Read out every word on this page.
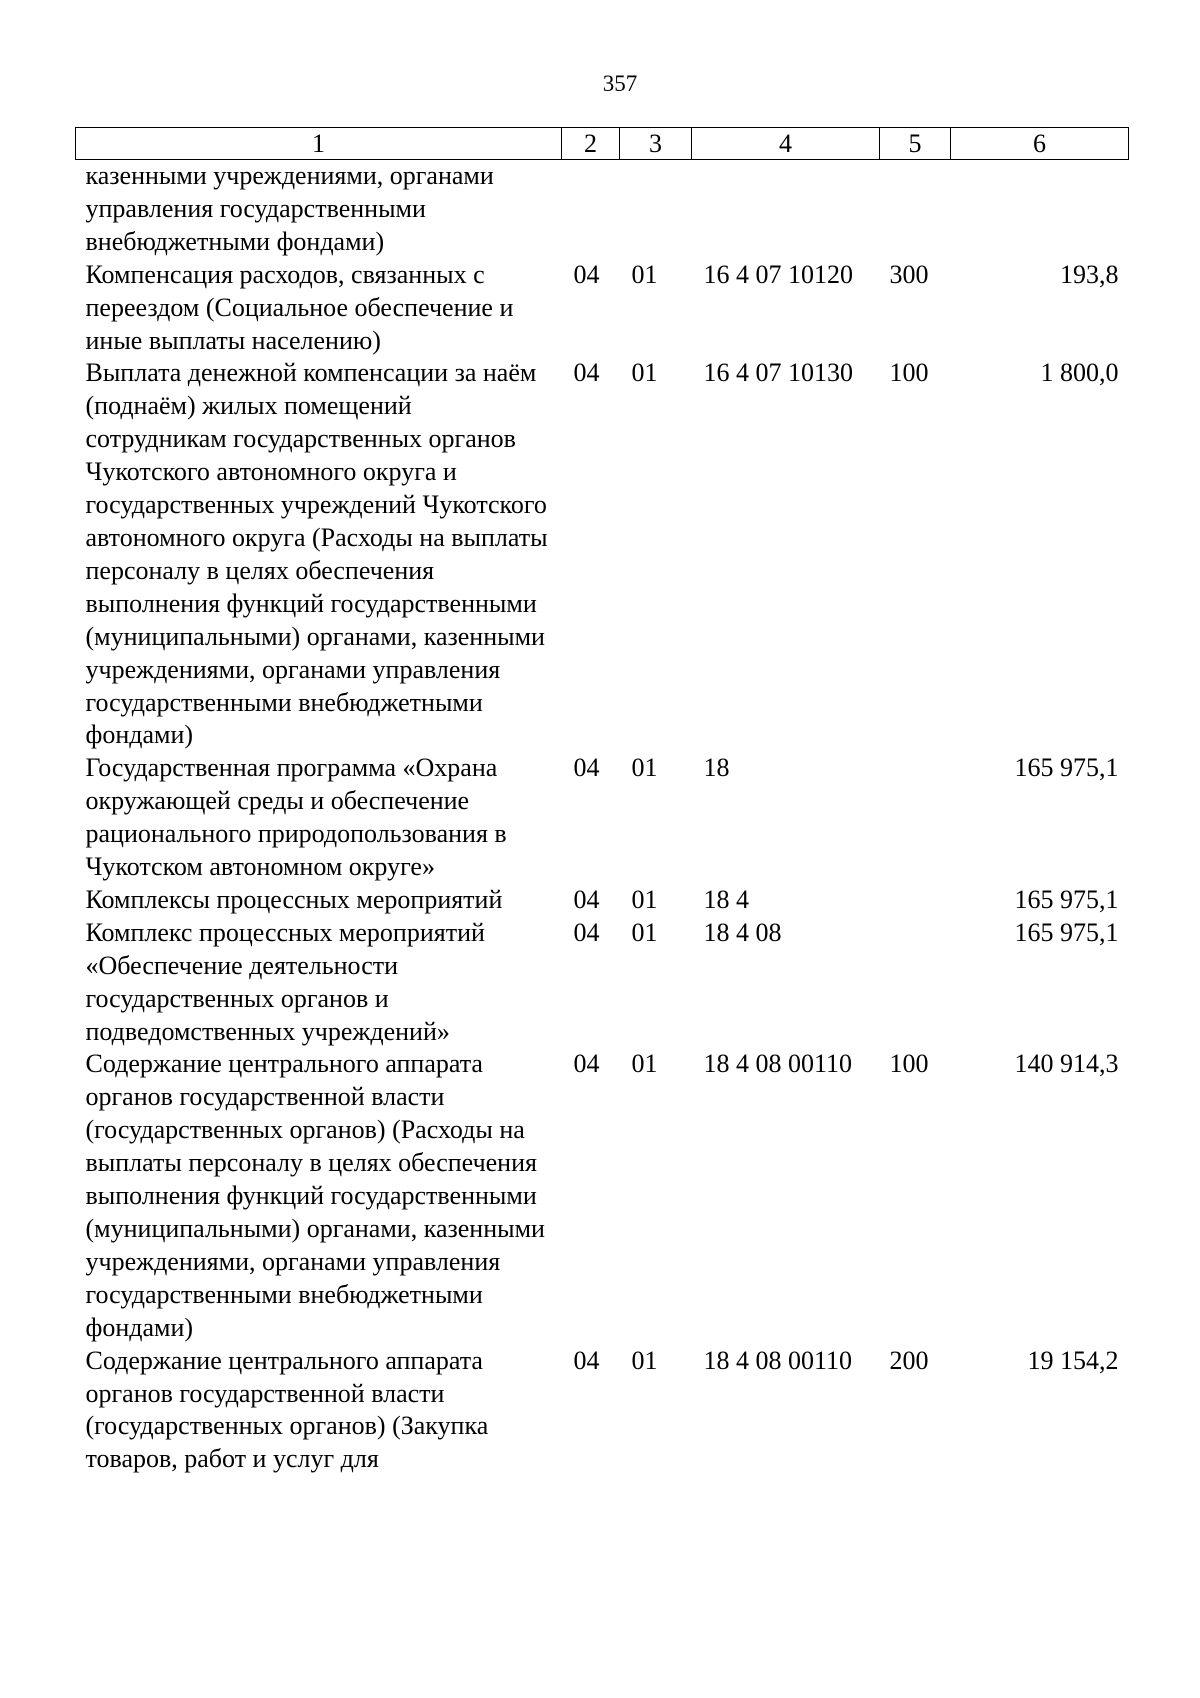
357
1	2	3	4	5	6
казенными учреждениями, органами управления государственными внебюджетными фондами)					
Компенсация расходов, связанных с переездом (Социальное обеспечение и иные выплаты населению)	04	01	16 4 07 10120	300	193,8
Выплата денежной компенсации за наём (поднаём) жилых помещений сотрудникам государственных органов Чукотского автономного округа и государственных учреждений Чукотского автономного округа (Расходы на выплаты персоналу в целях обеспечения выполнения функций государственными (муниципальными) органами, казенными учреждениями, органами управления государственными внебюджетными фондами)	04	01	16 4 07 10130	100	1 800,0
Государственная программа «Охрана окружающей среды и обеспечение рационального природопользования в Чукотском автономном округе»	04	01	18		165 975,1
Комплексы процессных мероприятий	04	01	18 4		165 975,1
Комплекс процессных мероприятий «Обеспечение деятельности государственных органов и подведомственных учреждений»	04	01	18 4 08		165 975,1
Содержание центрального аппарата органов государственной власти (государственных органов) (Расходы на выплаты персоналу в целях обеспечения выполнения функций государственными (муниципальными) органами, казенными учреждениями, органами управления государственными внебюджетными фондами)	04	01	18 4 08 00110	100	140 914,3
Содержание центрального аппарата органов государственной власти (государственных органов) (Закупка товаров, работ и услуг для	04	01	18 4 08 00110	200	19 154,2
